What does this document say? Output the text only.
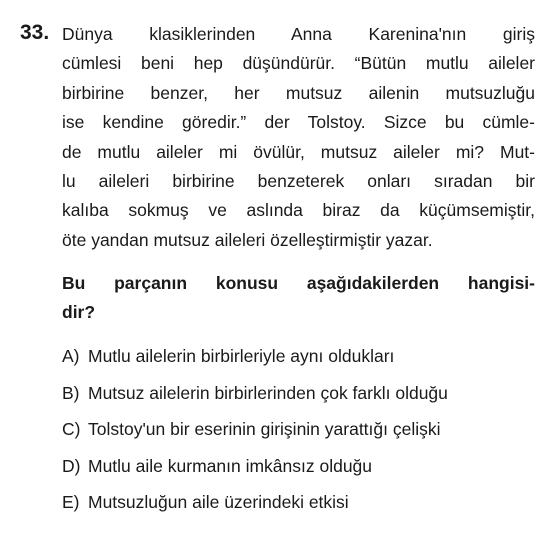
33. Dünya klasiklerinden Anna Karenina'nın giriş
cümlesi beni hep düşündürür. “Bütün mutlu aileler
birbirine benzer, her mutsuz ailenin mutsuzluğu
ise kendine göredir.” der Tolstoy. Sizce bu cümle-
de mutlu aileler mi övülür, mutsuz aileler mi? Mut-
lu aileleri birbirine benzeterek onları sıradan bir
kalıba sokmuş ve aslında biraz da küçümsemiştir,
öte yandan mutsuz aileleri özelleştirmiştir yazar.
Bu parçanın konusu aşağıdakilerden hangisi-
dir?
A) Mutlu ailelerin birbirleriyle aynı oldukları
B) Mutsuz ailelerin birbirlerinden çok farklı olduğu
C) Tolstoy'un bir eserinin girişinin yarattığı çelişki
D) Mutlu aile kurmanın imkânsız olduğu
E) Mutsuzluğun aile üzerindeki etkisi
